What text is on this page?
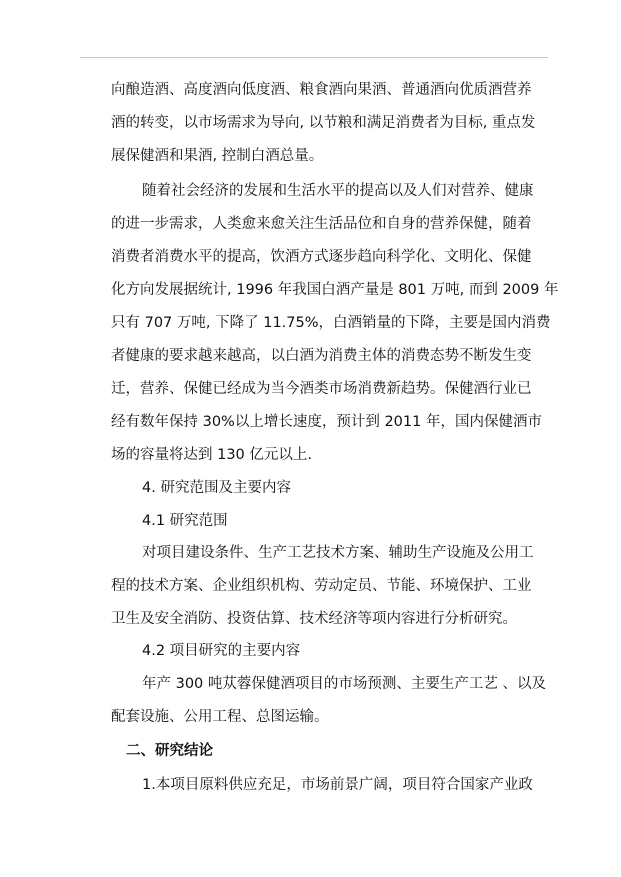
向酿造酒、高度酒向低度酒、粮食酒向果酒、普通酒向优质酒营养
酒的转变，以市场需求为导向, 以节粮和满足消费者为目标, 重点发
展保健酒和果酒, 控制白酒总量。
随着社会经济的发展和生活水平的提高以及人们对营养、健康
的进一步需求，人类愈来愈关注生活品位和自身的营养保健，随着
消费者消费水平的提高，饮酒方式逐步趋向科学化、文明化、保健
化方向发展据统计, 1996 年我国白酒产量是 801 万吨, 而到 2009 年
只有 707 万吨, 下降了 11.75%，白酒销量的下降，主要是国内消费
者健康的要求越来越高，以白酒为消费主体的消费态势不断发生变
迁，营养、保健已经成为当今酒类市场消费新趋势。保健酒行业已
经有数年保持 30%以上增长速度，预计到 2011 年，国内保健酒市
场的容量将达到 130 亿元以上.
4. 研究范围及主要内容
4.1 研究范围
对项目建设条件、生产工艺技术方案、辅助生产设施及公用工
程的技术方案、企业组织机构、劳动定员、节能、环境保护、工业
卫生及安全消防、投资估算、技术经济等项内容进行分析研究。
4.2 项目研究的主要内容
年产 300 吨苁蓉保健酒项目的市场预测、主要生产工艺 、以及
配套设施、公用工程、总图运输。
二、研究结论
1.本项目原料供应充足，市场前景广阔，项目符合国家产业政
